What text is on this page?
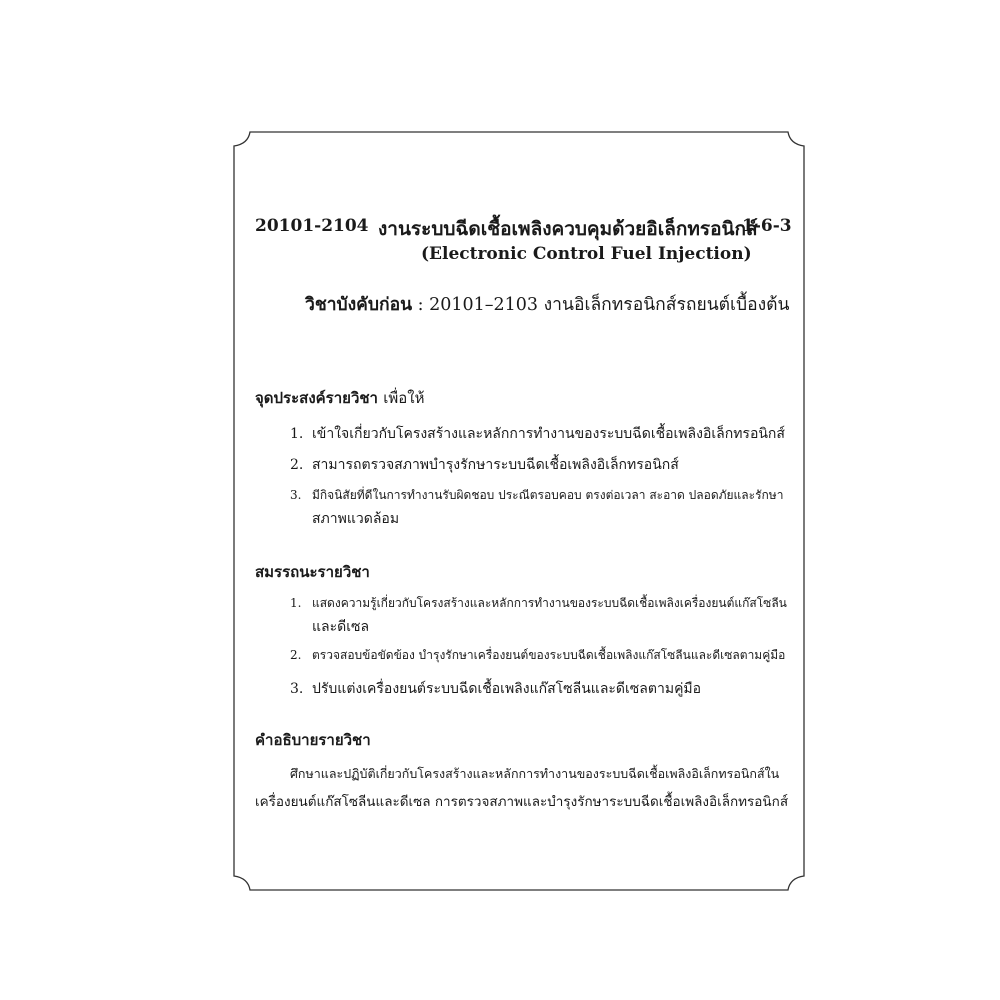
20101-2104 งานระบบฉีดเชื้อเพลิงควบคุมด้วยอิเล็กทรอนิกส์
1-6-3
(Electronic Control Fuel Injection)
วิชาบังคับก่อน : 20101–2103 งานอิเล็กทรอนิกส์รถยนต์เบื้องต้น
จุดประสงค์รายวิชา เพื่อให้
1. เข้าใจเกี่ยวกับโครงสร้างและหลักการทำงานของระบบฉีดเชื้อเพลิงอิเล็กทรอนิกส์
2. สามารถตรวจสภาพบำรุงรักษาระบบฉีดเชื้อเพลิงอิเล็กทรอนิกส์
3. มีกิจนิสัยที่ดีในการทำงานรับผิดชอบ ประณีตรอบคอบ ตรงต่อเวลา สะอาด ปลอดภัยและรักษา
สภาพแวดล้อม
สมรรถนะรายวิชา
1. แสดงความรู้เกี่ยวกับโครงสร้างและหลักการทำงานของระบบฉีดเชื้อเพลิงเครื่องยนต์แก๊สโซลีน
และดีเซล
2. ตรวจสอบข้อขัดข้อง บำรุงรักษาเครื่องยนต์ของระบบฉีดเชื้อเพลิงแก๊สโซลีนและดีเซลตามคู่มือ
3. ปรับแต่งเครื่องยนต์ระบบฉีดเชื้อเพลิงแก๊สโซลีนและดีเซลตามคู่มือ
คำอธิบายรายวิชา
ศึกษาและปฏิบัติเกี่ยวกับโครงสร้างและหลักการทำงานของระบบฉีดเชื้อเพลิงอิเล็กทรอนิกส์ใน
เครื่องยนต์แก๊สโซลีนและดีเซล การตรวจสภาพและบำรุงรักษาระบบฉีดเชื้อเพลิงอิเล็กทรอนิกส์
